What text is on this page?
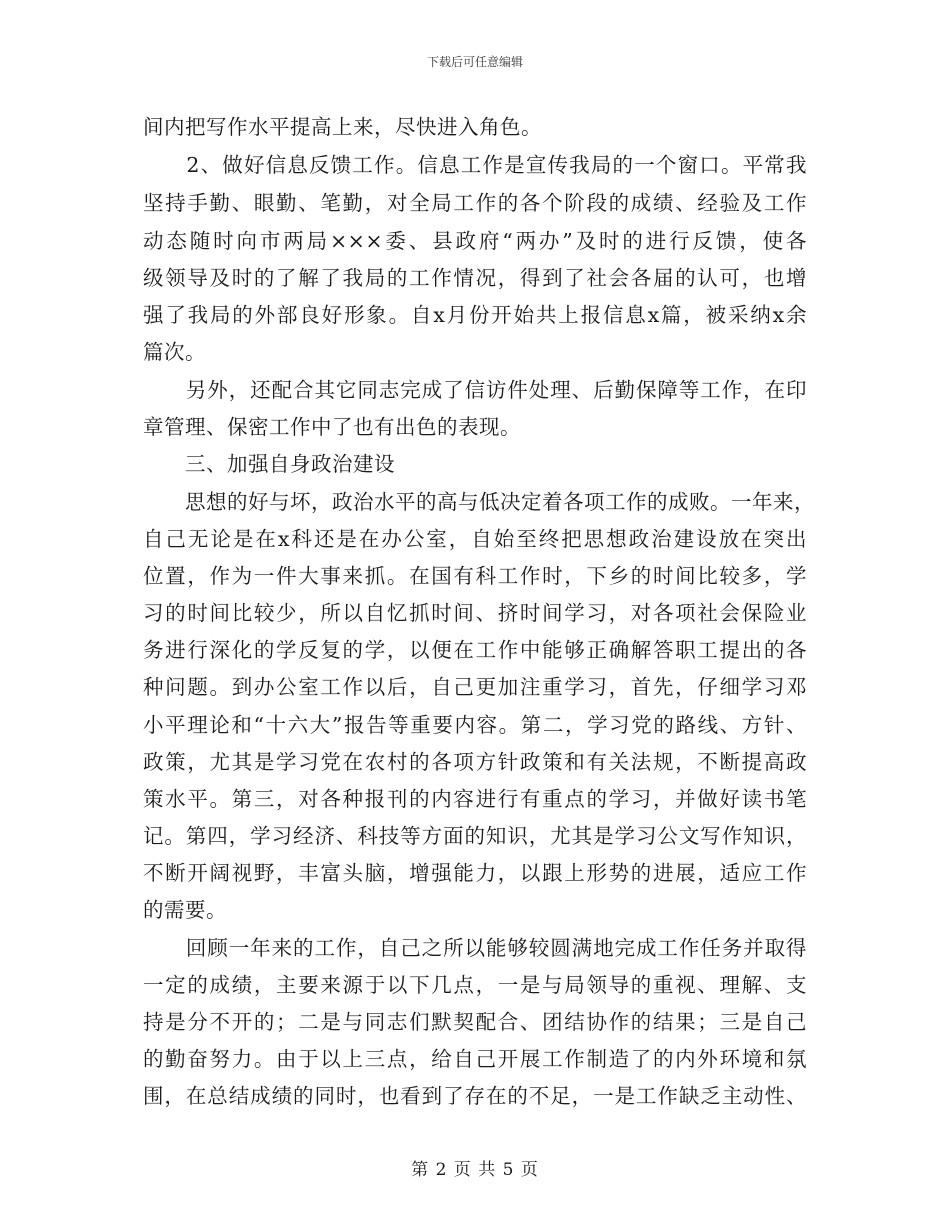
下载后可任意编辑
间内把写作水平提高上来，尽快进入角色。
　　2、做好信息反馈工作。信息工作是宣传我局的一个窗口。平常我
坚持手勤、眼勤、笔勤，对全局工作的各个阶段的成绩、经验及工作
动态随时向市两局×××委、县政府“两办”及时的进行反馈，使各
级领导及时的了解了我局的工作情况，得到了社会各届的认可，也增
强了我局的外部良好形象。自x月份开始共上报信息x篇，被采纳x余
篇次。
　　另外，还配合其它同志完成了信访件处理、后勤保障等工作，在印
章管理、保密工作中了也有出色的表现。
　　三、加强自身政治建设
　　思想的好与坏，政治水平的高与低决定着各项工作的成败。一年来，
自己无论是在x科还是在办公室，自始至终把思想政治建设放在突出
位置，作为一件大事来抓。在国有科工作时，下乡的时间比较多，学
习的时间比较少，所以自忆抓时间、挤时间学习，对各项社会保险业
务进行深化的学反复的学，以便在工作中能够正确解答职工提出的各
种问题。到办公室工作以后，自己更加注重学习，首先，仔细学习邓
小平理论和“十六大”报告等重要内容。第二，学习党的路线、方针、
政策，尤其是学习党在农村的各项方针政策和有关法规，不断提高政
策水平。第三，对各种报刊的内容进行有重点的学习，并做好读书笔
记。第四，学习经济、科技等方面的知识，尤其是学习公文写作知识，
不断开阔视野，丰富头脑，增强能力，以跟上形势的进展，适应工作
的需要。
　　回顾一年来的工作，自己之所以能够较圆满地完成工作任务并取得
一定的成绩，主要来源于以下几点，一是与局领导的重视、理解、支
持是分不开的；二是与同志们默契配合、团结协作的结果；三是自己
的勤奋努力。由于以上三点，给自己开展工作制造了的内外环境和氛
围，在总结成绩的同时，也看到了存在的不足，一是工作缺乏主动性、
第 2 页 共 5 页
